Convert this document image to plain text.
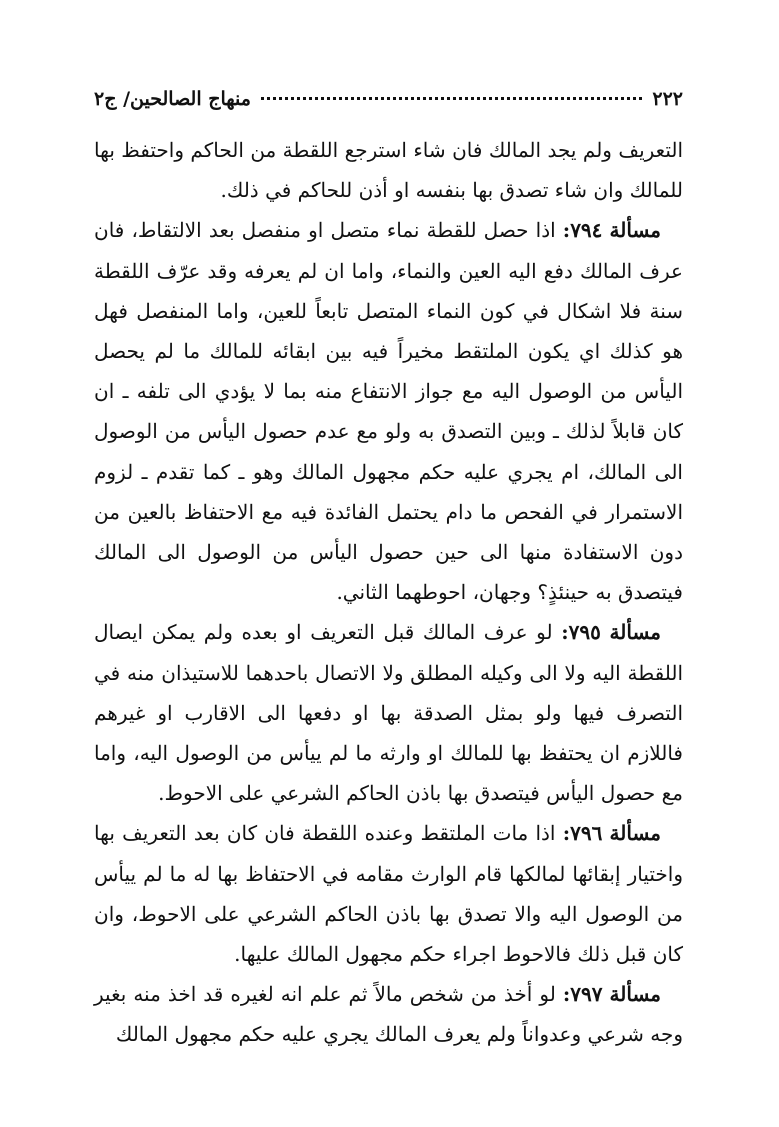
٢٢٢
منهاج الصالحين/ ج٢

التعريف ولم يجد المالك فان شاء استرجع اللقطة من الحاكم واحتفظ بها للمالك وان شاء تصدق بها بنفسه او أذن للحاكم في ذلك.

مسألة ٧٩٤: اذا حصل للقطة نماء متصل او منفصل بعد الالتقاط، فان عرف المالك دفع اليه العين والنماء، واما ان لم يعرفه وقد عرّف اللقطة سنة فلا اشكال في كون النماء المتصل تابعاً للعين، واما المنفصل فهل هو كذلك اي يكون الملتقط مخيراً فيه بين ابقائه للمالك ما لم يحصل اليأس من الوصول اليه مع جواز الانتفاع منه بما لا يؤدي الى تلفه ـ ان كان قابلاً لذلك ـ وبين التصدق به ولو مع عدم حصول اليأس من الوصول الى المالك، ام يجري عليه حكم مجهول المالك وهو ـ كما تقدم ـ لزوم الاستمرار في الفحص ما دام يحتمل الفائدة فيه مع الاحتفاظ بالعين من دون الاستفادة منها الى حين حصول اليأس من الوصول الى المالك فيتصدق به حينئذٍ؟ وجهان، احوطهما الثاني.

مسألة ٧٩٥: لو عرف المالك قبل التعريف او بعده ولم يمكن ايصال اللقطة اليه ولا الى وكيله المطلق ولا الاتصال باحدهما للاستيذان منه في التصرف فيها ولو بمثل الصدقة بها او دفعها الى الاقارب او غيرهم فاللازم ان يحتفظ بها للمالك او وارثه ما لم ييأس من الوصول اليه، واما مع حصول اليأس فيتصدق بها باذن الحاكم الشرعي على الاحوط.

مسألة ٧٩٦: اذا مات الملتقط وعنده اللقطة فان كان بعد التعريف بها واختيار إبقائها لمالكها قام الوارث مقامه في الاحتفاظ بها له ما لم ييأس من الوصول اليه والا تصدق بها باذن الحاكم الشرعي على الاحوط، وان كان قبل ذلك فالاحوط اجراء حكم مجهول المالك عليها.

مسألة ٧٩٧: لو أخذ من شخص مالاً ثم علم انه لغيره قد اخذ منه بغير وجه شرعي وعدواناً ولم يعرف المالك يجري عليه حكم مجهول المالك
